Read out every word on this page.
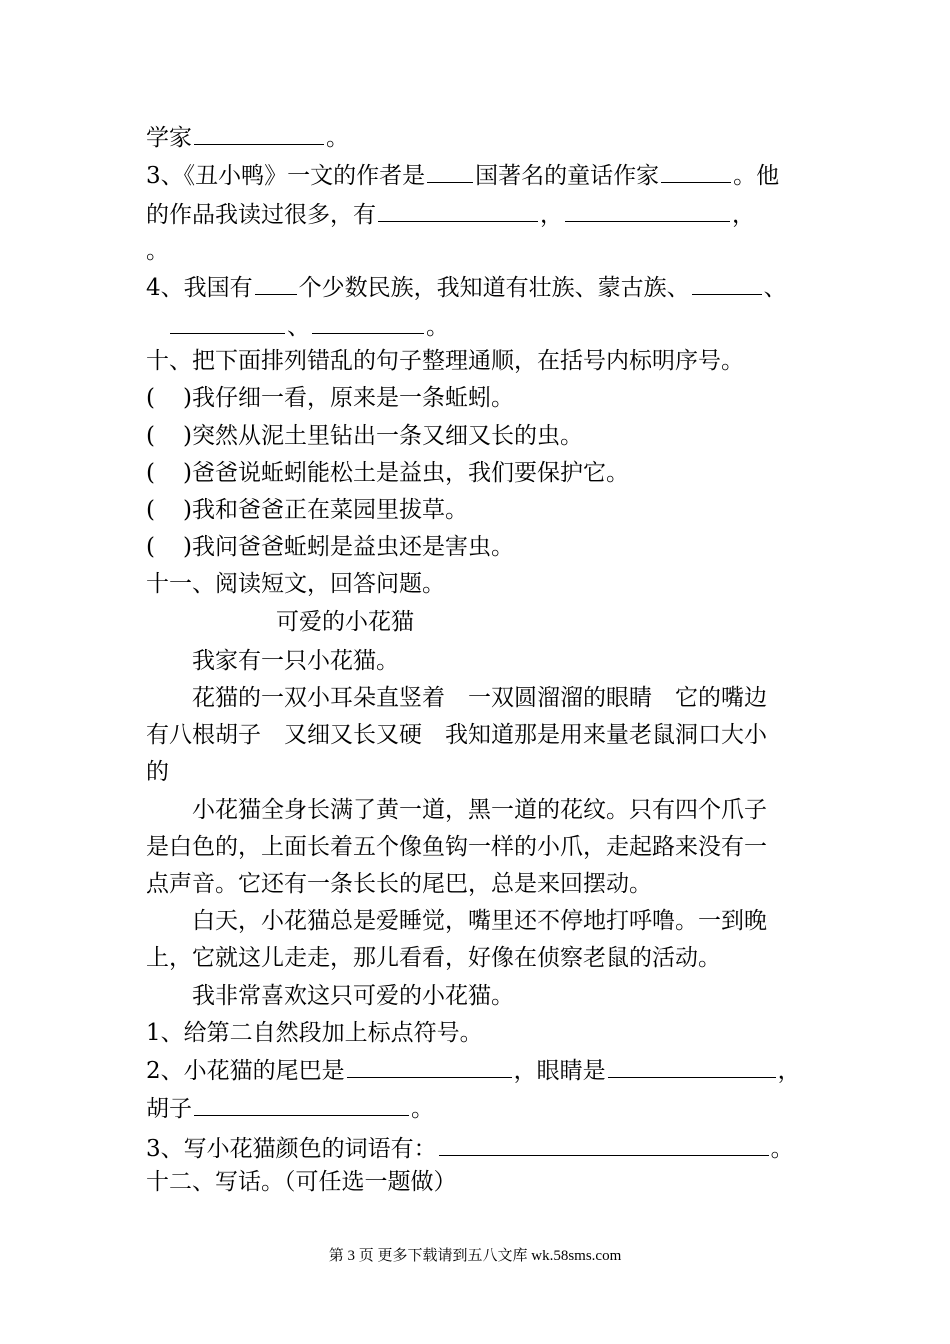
学家	。
3、《丑小鸭》一文的作者是 国著名的童话作家	。他
的作品我读过很多，有	，	，
。
4、我国有 个少数民族，我知道有壮族、蒙古族、	、
、	。
十、把下面排列错乱的句子整理通顺，在括号内标明序号。
( )我仔细一看，原来是一条蚯蚓。
( )突然从泥土里钻出一条又细又长的虫。
( )爸爸说蚯蚓能松土是益虫，我们要保护它。
( )我和爸爸正在菜园里拔草。
( )我问爸爸蚯蚓是益虫还是害虫。
十一、阅读短文，回答问题。
可爱的小花猫
我家有一只小花猫。
花猫的一双小耳朵直竖着　一双圆溜溜的眼睛　它的嘴边
有八根胡子　又细又长又硬　我知道那是用来量老鼠洞口大小
的
小花猫全身长满了黄一道，黑一道的花纹。只有四个爪子
是白色的，上面长着五个像鱼钩一样的小爪，走起路来没有一
点声音。它还有一条长长的尾巴，总是来回摆动。
白天，小花猫总是爱睡觉，嘴里还不停地打呼噜。一到晚
上，它就这儿走走，那儿看看，好像在侦察老鼠的活动。
我非常喜欢这只可爱的小花猫。
1、给第二自然段加上标点符号。
2、小花猫的尾巴是	，眼睛是	，
胡子	。
3、写小花猫颜色的词语有：	。
十二、写话。（可任选一题做）
第 3 页 更多下载请到五八文库 wk.58sms.com
